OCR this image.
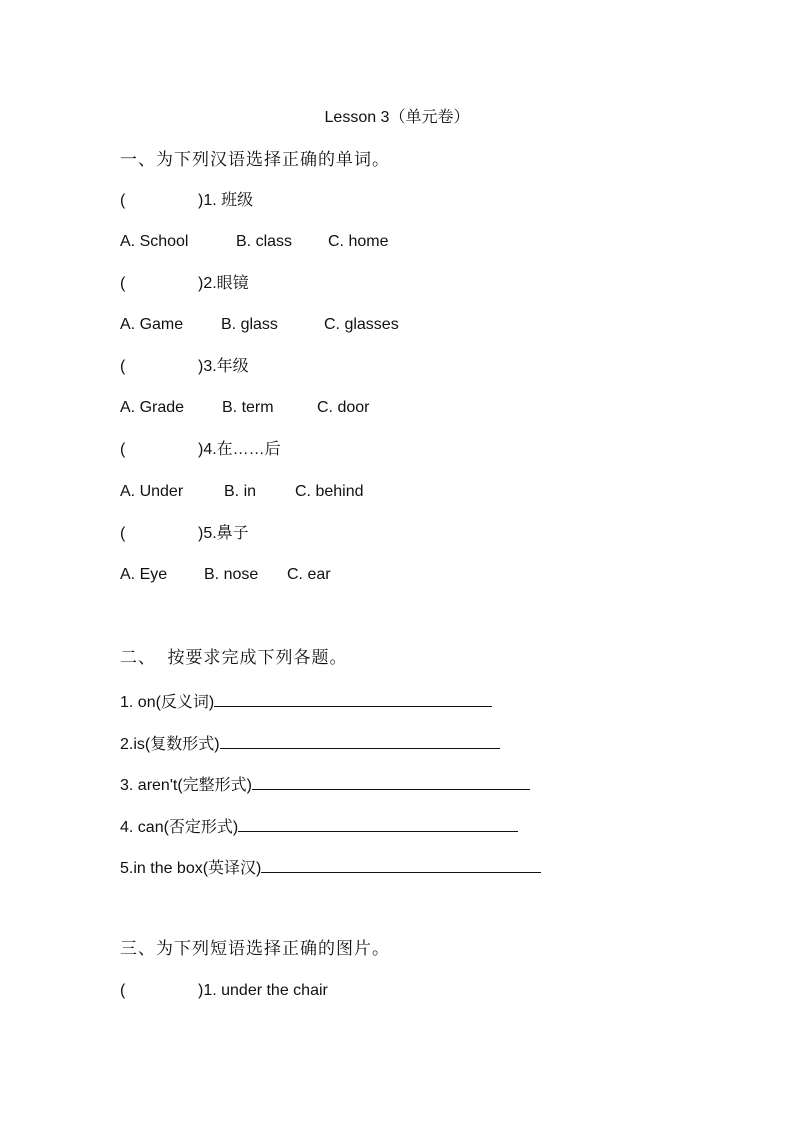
Lesson 3（单元卷）
一、为下列汉语选择正确的单词。
(	)1. 班级
A. School	B. class C. home
(	)2.眼镜
A. Game B. glass	C. glasses
(	)3.年级
A. Grade B. term	C. door
(	)4.在……后
A. Under	B. in C. behind
(	)5.鼻子
A. Eye B. nose C. ear
二、  按要求完成下列各题。
1. on(反义词)
2.is(复数形式)
3. aren't(完整形式)
4. can(否定形式)
5.in the box(英译汉)
三、为下列短语选择正确的图片。
(	)1. under the chair
